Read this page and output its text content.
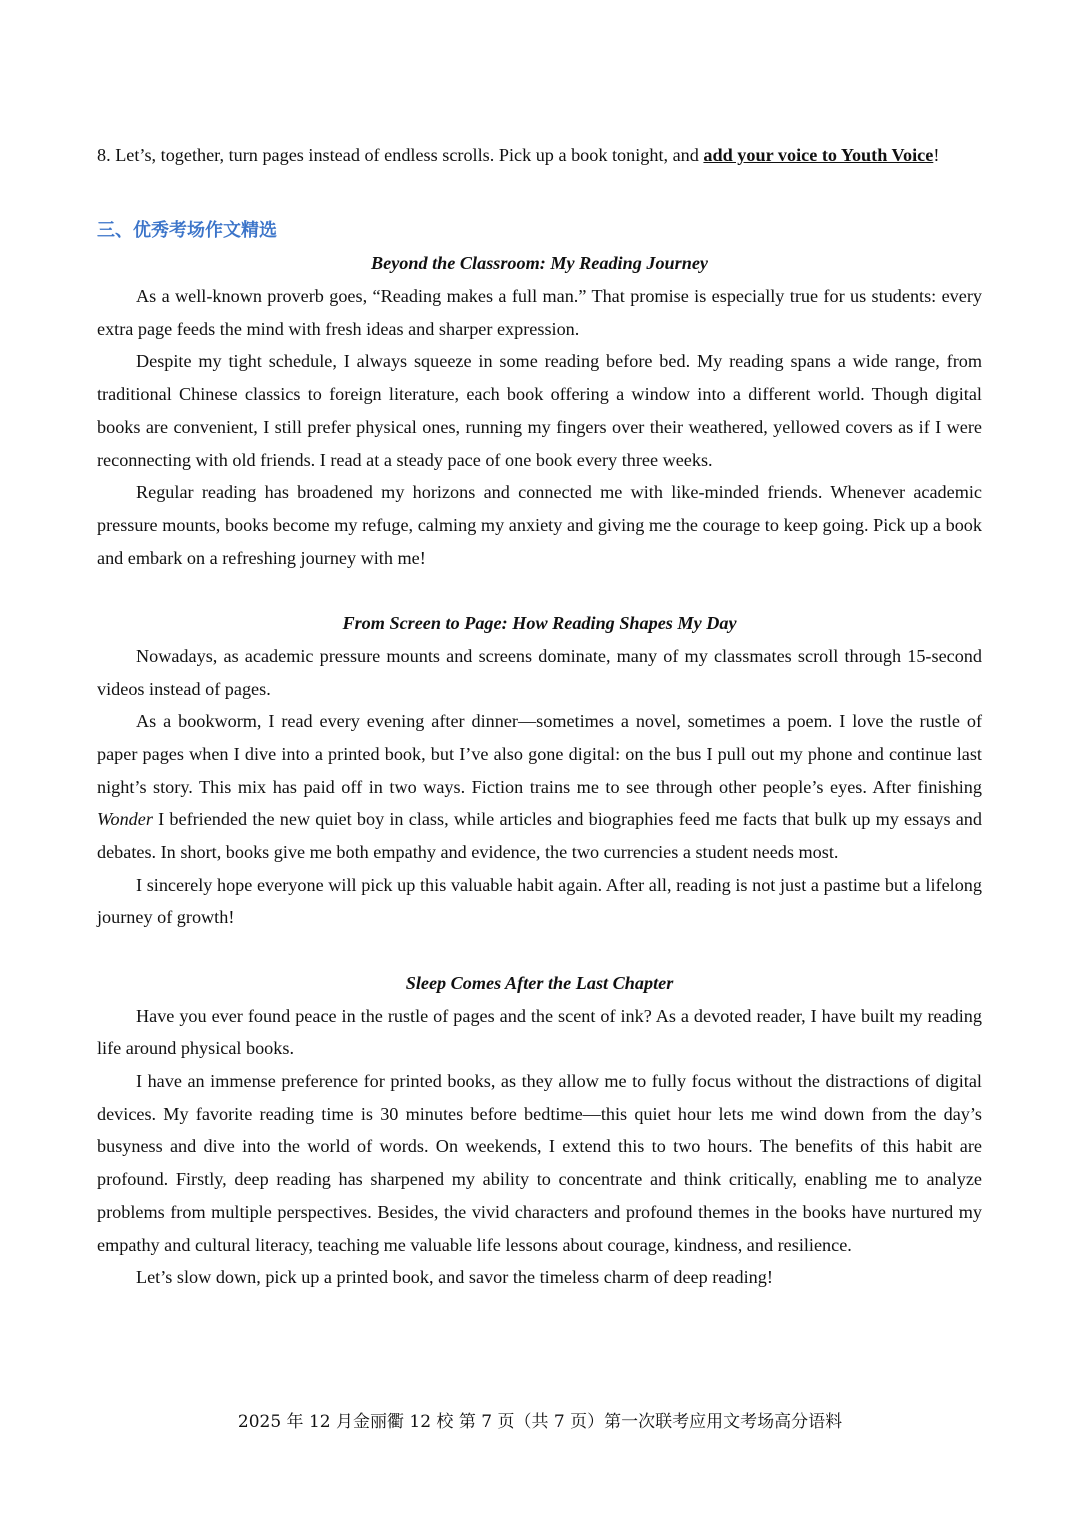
8. Let’s, together, turn pages instead of endless scrolls. Pick up a book tonight, and add your voice to Youth Voice!

三、优秀考场作文精选

Beyond the Classroom: My Reading Journey

As a well-known proverb goes, “Reading makes a full man.” That promise is especially true for us students: every extra page feeds the mind with fresh ideas and sharper expression.

Despite my tight schedule, I always squeeze in some reading before bed. My reading spans a wide range, from traditional Chinese classics to foreign literature, each book offering a window into a different world. Though digital books are convenient, I still prefer physical ones, running my fingers over their weathered, yellowed covers as if I were reconnecting with old friends. I read at a steady pace of one book every three weeks.

Regular reading has broadened my horizons and connected me with like-minded friends. Whenever academic pressure mounts, books become my refuge, calming my anxiety and giving me the courage to keep going. Pick up a book and embark on a refreshing journey with me!

From Screen to Page: How Reading Shapes My Day

Nowadays, as academic pressure mounts and screens dominate, many of my classmates scroll through 15-second videos instead of pages.

As a bookworm, I read every evening after dinner—sometimes a novel, sometimes a poem. I love the rustle of paper pages when I dive into a printed book, but I’ve also gone digital: on the bus I pull out my phone and continue last night’s story. This mix has paid off in two ways. Fiction trains me to see through other people’s eyes. After finishing Wonder I befriended the new quiet boy in class, while articles and biographies feed me facts that bulk up my essays and debates. In short, books give me both empathy and evidence, the two currencies a student needs most.

I sincerely hope everyone will pick up this valuable habit again. After all, reading is not just a pastime but a lifelong journey of growth!

Sleep Comes After the Last Chapter

Have you ever found peace in the rustle of pages and the scent of ink? As a devoted reader, I have built my reading life around physical books.

I have an immense preference for printed books, as they allow me to fully focus without the distractions of digital devices. My favorite reading time is 30 minutes before bedtime—this quiet hour lets me wind down from the day’s busyness and dive into the world of words. On weekends, I extend this to two hours. The benefits of this habit are profound. Firstly, deep reading has sharpened my ability to concentrate and think critically, enabling me to analyze problems from multiple perspectives. Besides, the vivid characters and profound themes in the books have nurtured my empathy and cultural literacy, teaching me valuable life lessons about courage, kindness, and resilience.

Let’s slow down, pick up a printed book, and savor the timeless charm of deep reading!

2025 年 12 月金丽衢 12 校 第 7 页（共 7 页）第一次联考应用文考场高分语料
